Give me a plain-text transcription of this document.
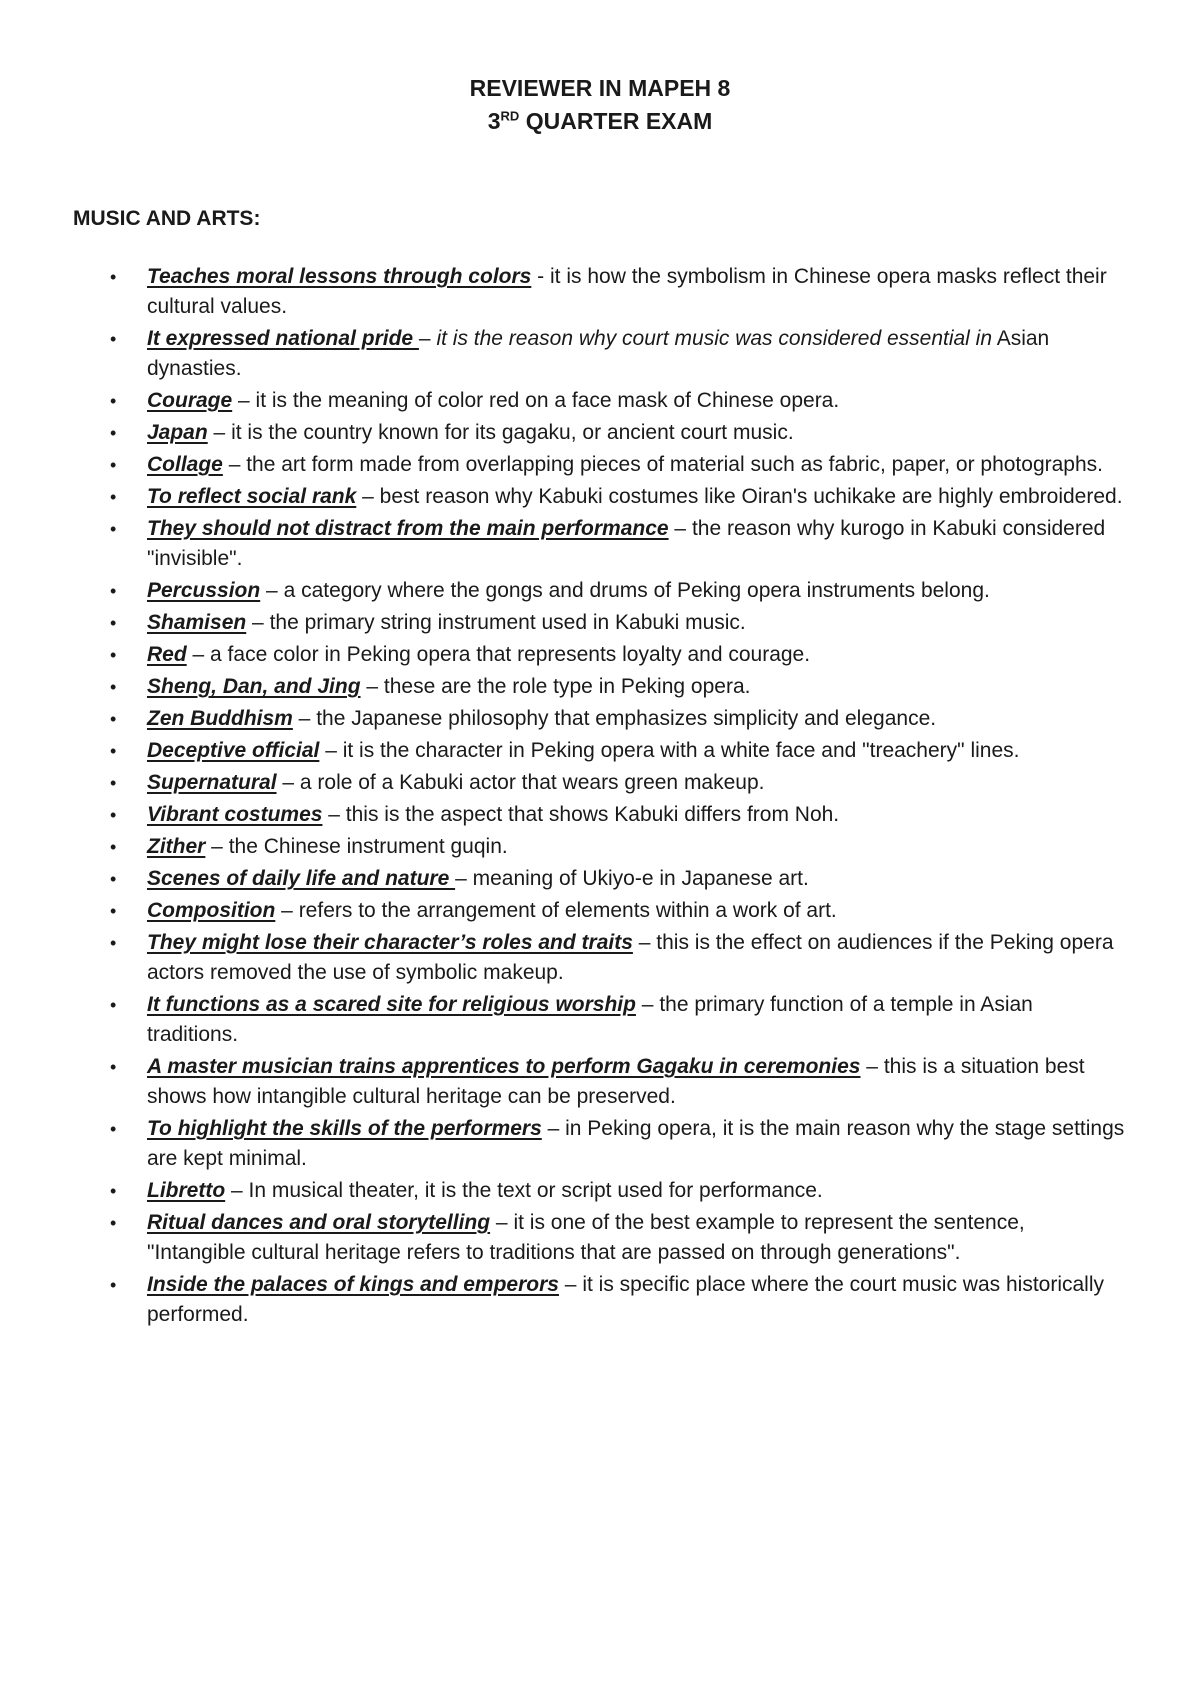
REVIEWER IN MAPEH 8
3RD QUARTER EXAM
MUSIC AND ARTS:
• Teaches moral lessons through colors - it is how the symbolism in Chinese opera masks reflect their cultural values.
• It expressed national pride – it is the reason why court music was considered essential in Asian dynasties.
• Courage – it is the meaning of color red on a face mask of Chinese opera.
• Japan – it is the country known for its gagaku, or ancient court music.
• Collage – the art form made from overlapping pieces of material such as fabric, paper, or photographs.
• To reflect social rank – best reason why Kabuki costumes like Oiran's uchikake are highly embroidered.
• They should not distract from the main performance – the reason why kurogo in Kabuki considered "invisible".
• Percussion – a category where the gongs and drums of Peking opera instruments belong.
• Shamisen – the primary string instrument used in Kabuki music.
• Red – a face color in Peking opera that represents loyalty and courage.
• Sheng, Dan, and Jing – these are the role type in Peking opera.
• Zen Buddhism – the Japanese philosophy that emphasizes simplicity and elegance.
• Deceptive official – it is the character in Peking opera with a white face and "treachery" lines.
• Supernatural – a role of a Kabuki actor that wears green makeup.
• Vibrant costumes – this is the aspect that shows Kabuki differs from Noh.
• Zither – the Chinese instrument guqin.
• Scenes of daily life and nature – meaning of Ukiyo-e in Japanese art.
• Composition – refers to the arrangement of elements within a work of art.
• They might lose their character’s roles and traits – this is the effect on audiences if the Peking opera actors removed the use of symbolic makeup.
• It functions as a scared site for religious worship – the primary function of a temple in Asian traditions.
• A master musician trains apprentices to perform Gagaku in ceremonies – this is a situation best shows how intangible cultural heritage can be preserved.
• To highlight the skills of the performers – in Peking opera, it is the main reason why the stage settings are kept minimal.
• Libretto – In musical theater, it is the text or script used for performance.
• Ritual dances and oral storytelling – it is one of the best example to represent the sentence, "Intangible cultural heritage refers to traditions that are passed on through generations".
• Inside the palaces of kings and emperors – it is specific place where the court music was historically performed.
